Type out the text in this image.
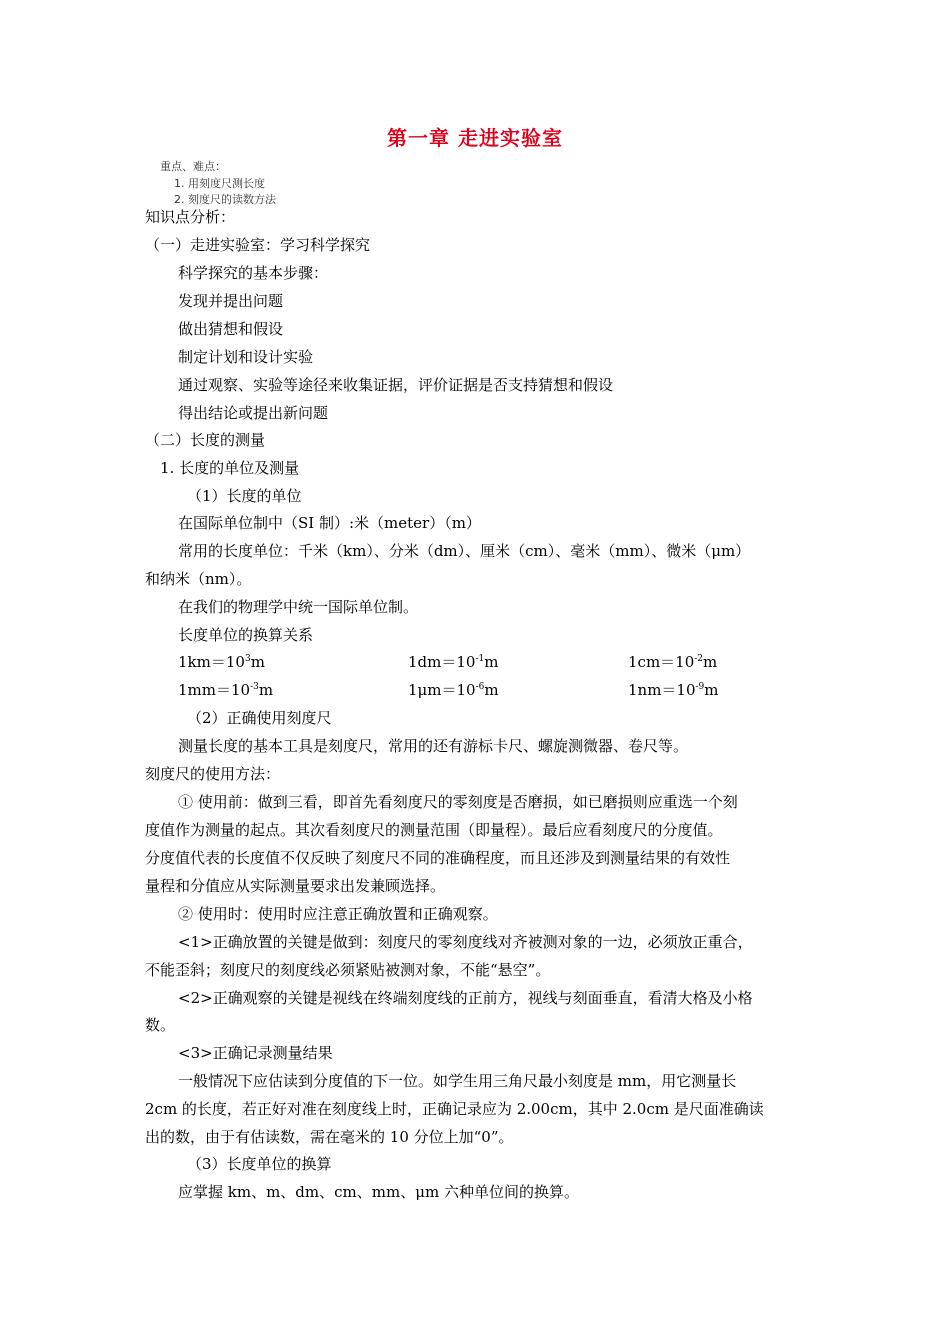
第一章 走进实验室
重点、难点：
1. 用刻度尺测长度
2. 刻度尺的读数方法
知识点分析：
（一）走进实验室：学习科学探究
科学探究的基本步骤：
发现并提出问题
做出猜想和假设
制定计划和设计实验
通过观察、实验等途径来收集证据，评价证据是否支持猜想和假设
得出结论或提出新问题
（二）长度的测量
1. 长度的单位及测量
（1）长度的单位
在国际单位制中（SI 制）:米（meter）（m）
常用的长度单位：千米（km）、分米（dm）、厘米（cm）、毫米（mm）、微米（μm）
和纳米（nm）。
在我们的物理学中统一国际单位制。
长度单位的换算关系
$1km=10^3m$	$1dm=10^{-1}m$	$1cm=10^{-2}m$
$1mm=10^{-3}m$	$1\mu m=10^{-6}m$	$1nm=10^{-9}m$
（2）正确使用刻度尺
测量长度的基本工具是刻度尺，常用的还有游标卡尺、螺旋测微器、卷尺等。
刻度尺的使用方法：
① 使用前：做到三看，即首先看刻度尺的零刻度是否磨损，如已磨损则应重选一个刻
度值作为测量的起点。其次看刻度尺的测量范围（即量程）。最后应看刻度尺的分度值。
分度值代表的长度值不仅反映了刻度尺不同的准确程度，而且还涉及到测量结果的有效性
量程和分值应从实际测量要求出发兼顾选择。
② 使用时：使用时应注意正确放置和正确观察。
<1>正确放置的关键是做到：刻度尺的零刻度线对齐被测对象的一边，必须放正重合，
不能歪斜；刻度尺的刻度线必须紧贴被测对象，不能“悬空”。
<2>正确观察的关键是视线在终端刻度线的正前方，视线与刻面垂直，看清大格及小格
数。
<3>正确记录测量结果
一般情况下应估读到分度值的下一位。如学生用三角尺最小刻度是 mm，用它测量长
2cm 的长度，若正好对准在刻度线上时，正确记录应为 2.00cm，其中 2.0cm 是尺面准确读
出的数，由于有估读数，需在毫米的 10 分位上加“0”。
（3）长度单位的换算
应掌握 km、m、dm、cm、mm、μm 六种单位间的换算。
